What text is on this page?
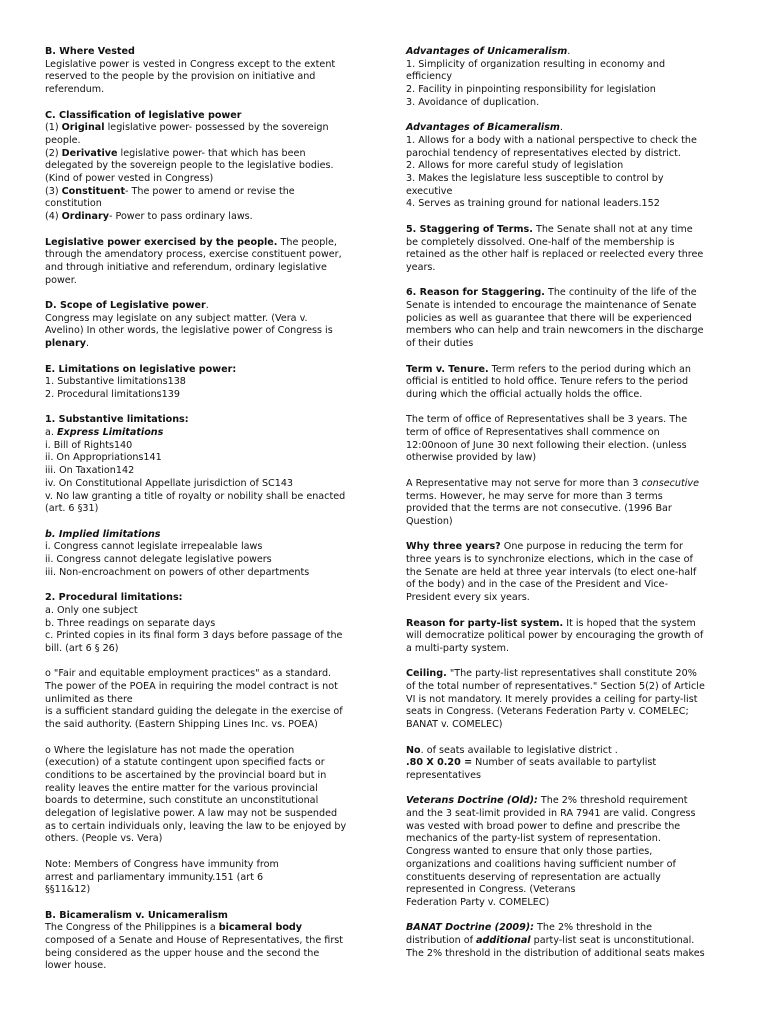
B. Where Vested
Legislative power is vested in Congress except to the extent
reserved to the people by the provision on initiative and
referendum.
C. Classification of legislative power
(1) Original legislative power- possessed by the sovereign
people.
(2) Derivative legislative power- that which has been
delegated by the sovereign people to the legislative bodies.
(Kind of power vested in Congress)
(3) Constituent- The power to amend or revise the
constitution
(4) Ordinary- Power to pass ordinary laws.
Legislative power exercised by the people. The people,
through the amendatory process, exercise constituent power,
and through initiative and referendum, ordinary legislative
power.
D. Scope of Legislative power.
Congress may legislate on any subject matter. (Vera v.
Avelino) In other words, the legislative power of Congress is
plenary.
E. Limitations on legislative power:
1. Substantive limitations138
2. Procedural limitations139
1. Substantive limitations:
a. Express Limitations
i. Bill of Rights140
ii. On Appropriations141
iii. On Taxation142
iv. On Constitutional Appellate jurisdiction of SC143
v. No law granting a title of royalty or nobility shall be enacted
(art. 6 §31)
b. Implied limitations
i. Congress cannot legislate irrepealable laws
ii. Congress cannot delegate legislative powers
iii. Non-encroachment on powers of other departments
2. Procedural limitations:
a. Only one subject
b. Three readings on separate days
c. Printed copies in its final form 3 days before passage of the
bill. (art 6 § 26)
o "Fair and equitable employment practices" as a standard.
The power of the POEA in requiring the model contract is not
unlimited as there
is a sufficient standard guiding the delegate in the exercise of
the said authority. (Eastern Shipping Lines Inc. vs. POEA)
o Where the legislature has not made the operation
(execution) of a statute contingent upon specified facts or
conditions to be ascertained by the provincial board but in
reality leaves the entire matter for the various provincial
boards to determine, such constitute an unconstitutional
delegation of legislative power. A law may not be suspended
as to certain individuals only, leaving the law to be enjoyed by
others. (People vs. Vera)
Note: Members of Congress have immunity from
arrest and parliamentary immunity.151 (art 6
§§11&12)
B. Bicameralism v. Unicameralism
The Congress of the Philippines is a bicameral body
composed of a Senate and House of Representatives, the first
being considered as the upper house and the second the
lower house.
Advantages of Unicameralism.
1. Simplicity of organization resulting in economy and
efficiency
2. Facility in pinpointing responsibility for legislation
3. Avoidance of duplication.
Advantages of Bicameralism.
1. Allows for a body with a national perspective to check the
parochial tendency of representatives elected by district.
2. Allows for more careful study of legislation
3. Makes the legislature less susceptible to control by
executive
4. Serves as training ground for national leaders.152
5. Staggering of Terms. The Senate shall not at any time
be completely dissolved. One-half of the membership is
retained as the other half is replaced or reelected every three
years.
6. Reason for Staggering. The continuity of the life of the
Senate is intended to encourage the maintenance of Senate
policies as well as guarantee that there will be experienced
members who can help and train newcomers in the discharge
of their duties
Term v. Tenure. Term refers to the period during which an
official is entitled to hold office. Tenure refers to the period
during which the official actually holds the office.
The term of office of Representatives shall be 3 years. The
term of office of Representatives shall commence on
12:00noon of June 30 next following their election. (unless
otherwise provided by law)
A Representative may not serve for more than 3 consecutive
terms. However, he may serve for more than 3 terms
provided that the terms are not consecutive. (1996 Bar
Question)
Why three years? One purpose in reducing the term for
three years is to synchronize elections, which in the case of
the Senate are held at three year intervals (to elect one-half
of the body) and in the case of the President and Vice-
President every six years.
Reason for party-list system. It is hoped that the system
will democratize political power by encouraging the growth of
a multi-party system.
Ceiling. "The party-list representatives shall constitute 20%
of the total number of representatives." Section 5(2) of Article
VI is not mandatory. It merely provides a ceiling for party-list
seats in Congress. (Veterans Federation Party v. COMELEC;
BANAT v. COMELEC)
No. of seats available to legislative district .
.80 X 0.20 = Number of seats available to partylist
representatives
Veterans Doctrine (Old): The 2% threshold requirement
and the 3 seat-limit provided in RA 7941 are valid. Congress
was vested with broad power to define and prescribe the
mechanics of the party-list system of representation.
Congress wanted to ensure that only those parties,
organizations and coalitions having sufficient number of
constituents deserving of representation are actually
represented in Congress. (Veterans
Federation Party v. COMELEC)
BANAT Doctrine (2009): The 2% threshold in the
distribution of additional party-list seat is unconstitutional.
The 2% threshold in the distribution of additional seats makes
